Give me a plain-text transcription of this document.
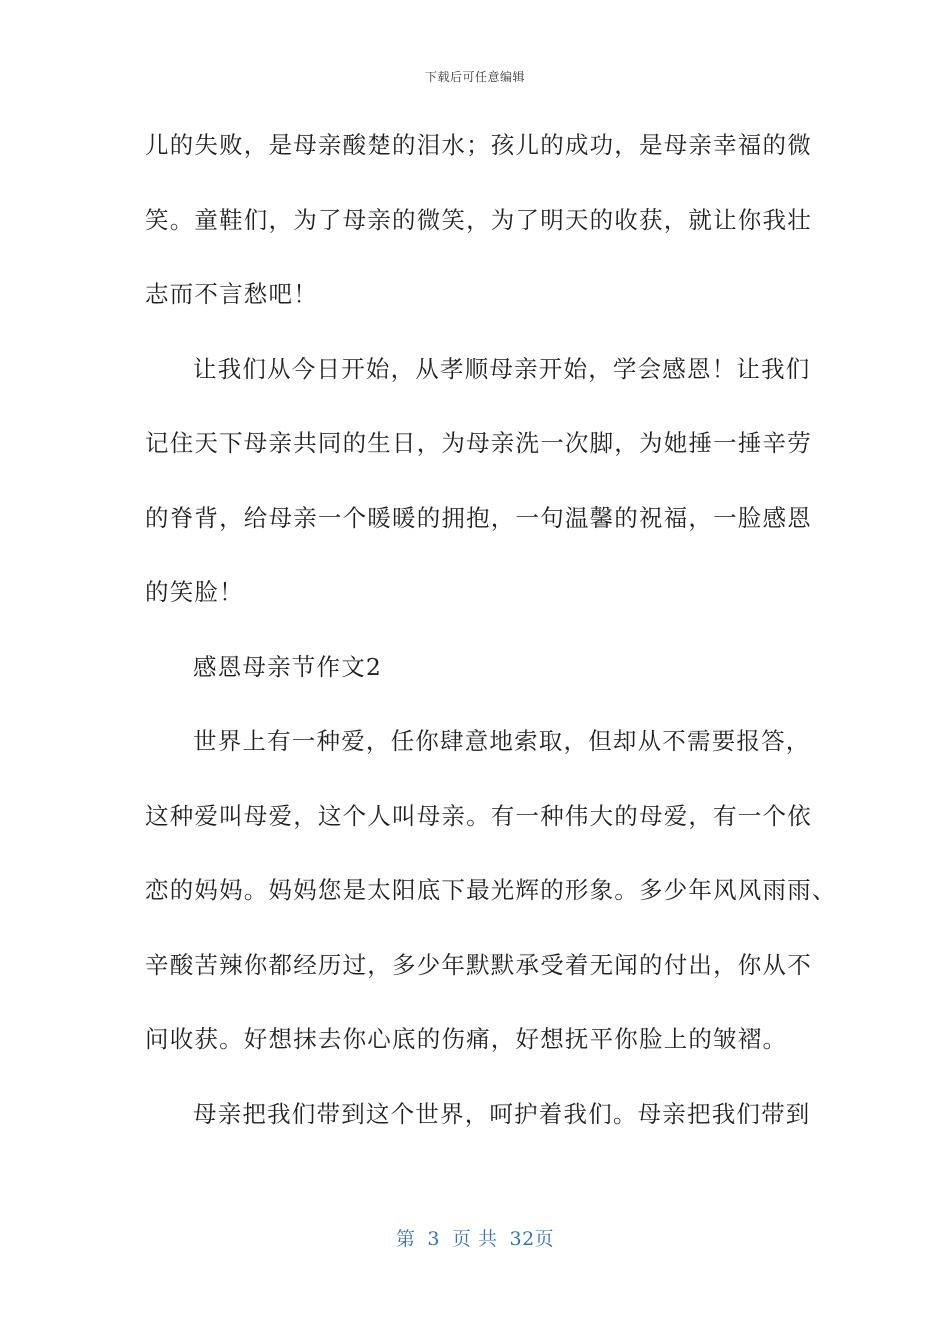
下载后可任意编辑
儿的失败，是母亲酸楚的泪水；孩儿的成功，是母亲幸福的微
笑。童鞋们，为了母亲的微笑，为了明天的收获，就让你我壮
志而不言愁吧！
让我们从今日开始，从孝顺母亲开始，学会感恩！让我们
记住天下母亲共同的生日，为母亲洗一次脚，为她捶一捶辛劳
的脊背，给母亲一个暖暖的拥抱，一句温馨的祝福，一脸感恩
的笑脸！
感恩母亲节作文2
世界上有一种爱，任你肆意地索取，但却从不需要报答，
这种爱叫母爱，这个人叫母亲。有一种伟大的母爱，有一个依
恋的妈妈。妈妈您是太阳底下最光辉的形象。多少年风风雨雨、
辛酸苦辣你都经历过，多少年默默承受着无闻的付出，你从不
问收获。好想抹去你心底的伤痛，好想抚平你脸上的皱褶。
母亲把我们带到这个世界，呵护着我们。母亲把我们带到
第 3 页 共 32页
